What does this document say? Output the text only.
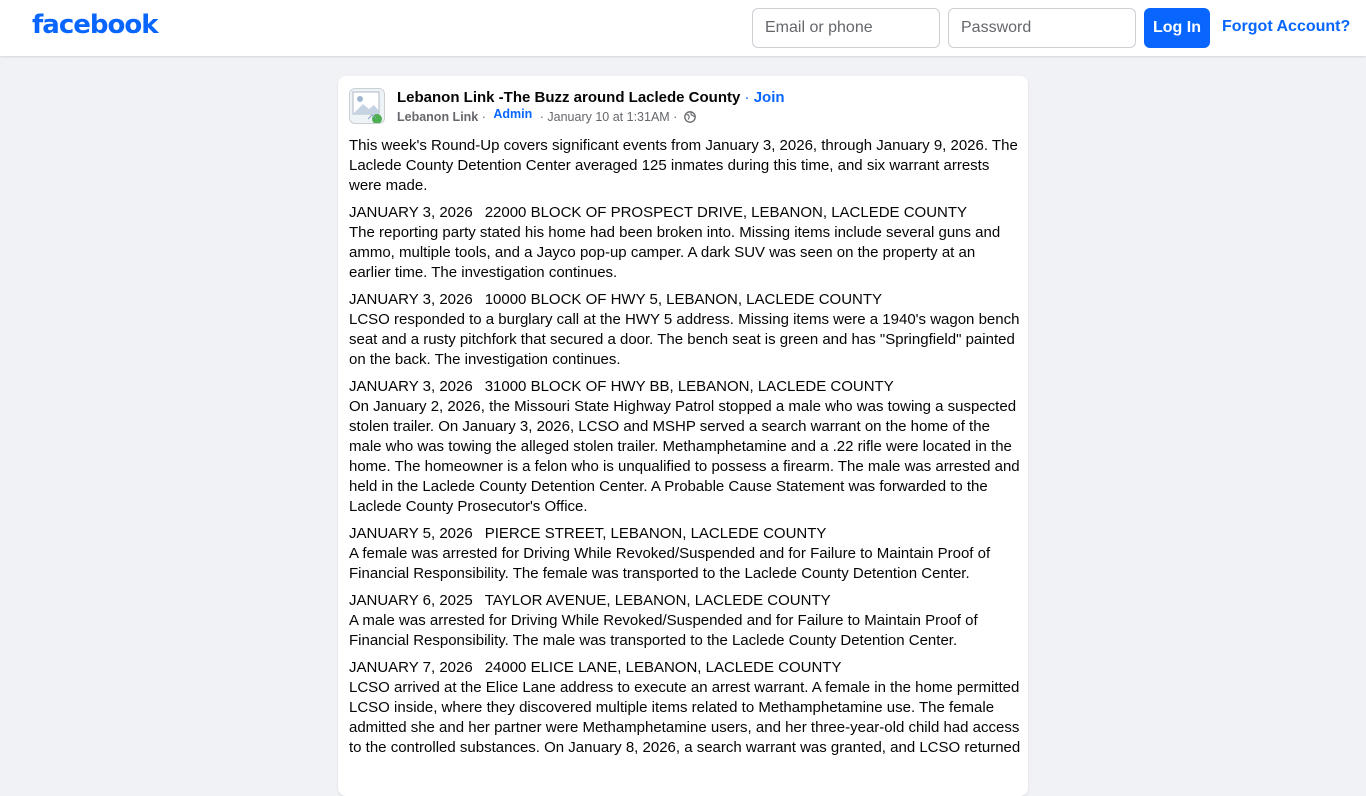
facebook
Email or phone	Log In	Forgot Account?
Lebanon Link -The Buzz around Laclede County · Join
Lebanon Link · Admin · January 10 at 1:31AM ·

This week's Round-Up covers significant events from January 3, 2026, through January 9, 2026. The Laclede County Detention Center averaged 125 inmates during this time, and six warrant arrests were made.

JANUARY 3, 2026 22000 BLOCK OF PROSPECT DRIVE, LEBANON, LACLEDE COUNTY
The reporting party stated his home had been broken into. Missing items include several guns and ammo, multiple tools, and a Jayco pop-up camper. A dark SUV was seen on the property at an earlier time. The investigation continues.
JANUARY 3, 2026 10000 BLOCK OF HWY 5, LEBANON, LACLEDE COUNTY
LCSO responded to a burglary call at the HWY 5 address. Missing items were a 1940's wagon bench seat and a rusty pitchfork that secured a door. The bench seat is green and has "Springfield" painted on the back. The investigation continues.
JANUARY 3, 2026 31000 BLOCK OF HWY BB, LEBANON, LACLEDE COUNTY
On January 2, 2026, the Missouri State Highway Patrol stopped a male who was towing a suspected stolen trailer. On January 3, 2026, LCSO and MSHP served a search warrant on the home of the male who was towing the alleged stolen trailer. Methamphetamine and a .22 rifle were located in the home. The homeowner is a felon who is unqualified to possess a firearm. The male was arrested and held in the Laclede County Detention Center. A Probable Cause Statement was forwarded to the Laclede County Prosecutor's Office.
JANUARY 5, 2026 PIERCE STREET, LEBANON, LACLEDE COUNTY
A female was arrested for Driving While Revoked/Suspended and for Failure to Maintain Proof of Financial Responsibility. The female was transported to the Laclede County Detention Center.
JANUARY 6, 2025 TAYLOR AVENUE, LEBANON, LACLEDE COUNTY
A male was arrested for Driving While Revoked/Suspended and for Failure to Maintain Proof of Financial Responsibility. The male was transported to the Laclede County Detention Center.
JANUARY 7, 2026 24000 ELICE LANE, LEBANON, LACLEDE COUNTY
LCSO arrived at the Elice Lane address to execute an arrest warrant. A female in the home permitted LCSO inside, where they discovered multiple items related to Methamphetamine use. The female admitted she and her partner were Methamphetamine users, and her three-year-old child had access to the controlled substances. On January 8, 2026, a search warrant was granted, and LCSO returned
